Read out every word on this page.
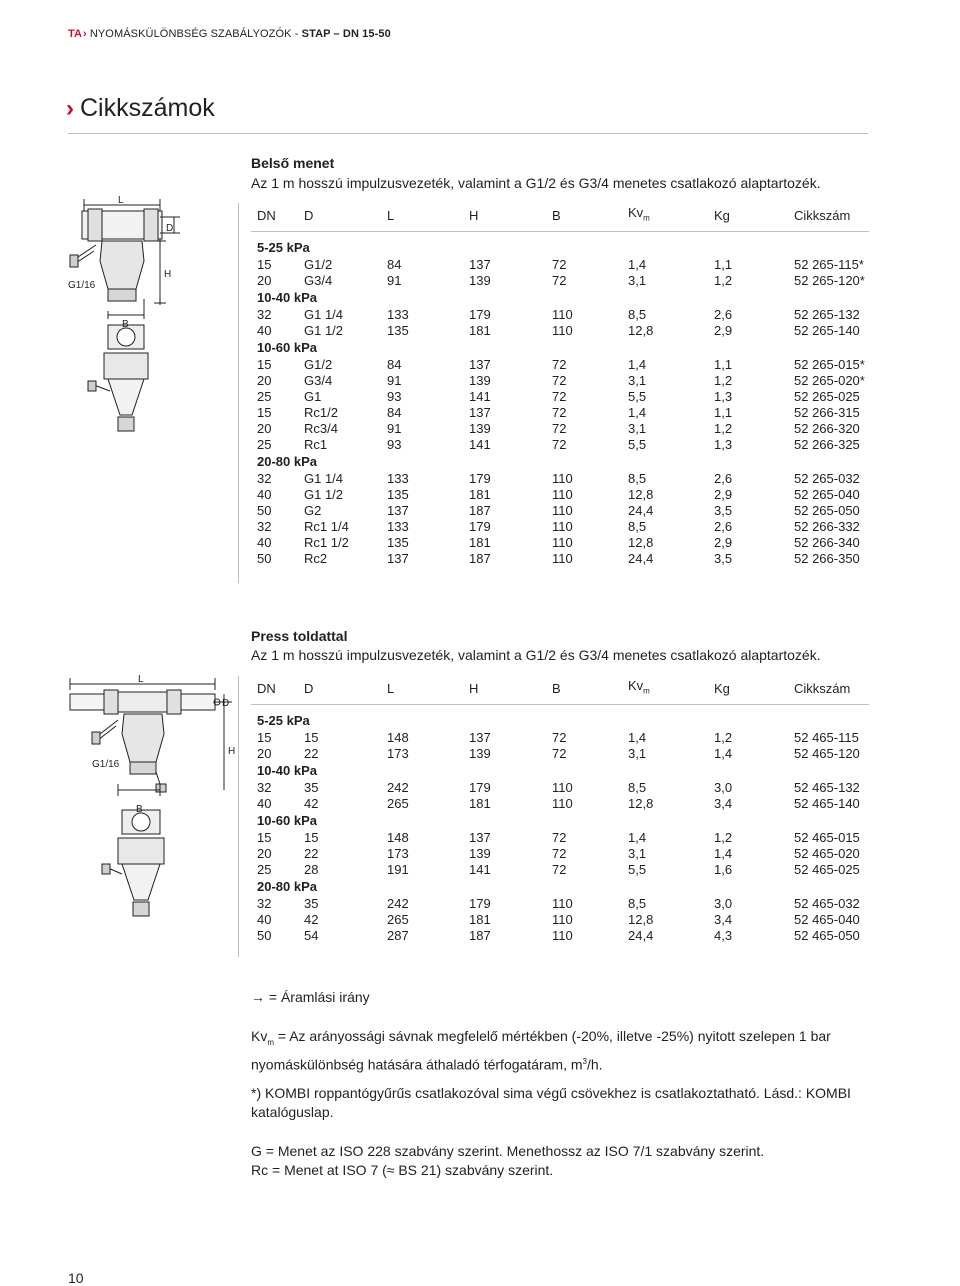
TA› NYOMÁSKÜLÖNBSÉG SZABÁLYOZÓK - STAP – DN 15-50
› Cikkszámok
Belső menet
Az 1 m hosszú impulzusvezeték, valamint a G1/2 és G3/4 menetes csatlakozó alaptartozék.
L
D
H
B
G1/16
DN	D	L	H	B	$Kv_m$	Kg	Cikkszám

5-25 kPa							
15	G1/2	84	137	72	1,4	1,1	52 265-115*
20	G3/4	91	139	72	3,1	1,2	52 265-120*
10-40 kPa							
32	G1 1/4	133	179	110	8,5	2,6	52 265-132
40	G1 1/2	135	181	110	12,8	2,9	52 265-140
10-60 kPa							
15	G1/2	84	137	72	1,4	1,1	52 265-015*
20	G3/4	91	139	72	3,1	1,2	52 265-020*
25	G1	93	141	72	5,5	1,3	52 265-025
15	Rc1/2	84	137	72	1,4	1,1	52 266-315
20	Rc3/4	91	139	72	3,1	1,2	52 266-320
25	Rc1	93	141	72	5,5	1,3	52 266-325
20-80 kPa							
32	G1 1/4	133	179	110	8,5	2,6	52 265-032
40	G1 1/2	135	181	110	12,8	2,9	52 265-040
50	G2	137	187	110	24,4	3,5	52 265-050
32	Rc1 1/4	133	179	110	8,5	2,6	52 266-332
40	Rc1 1/2	135	181	110	12,8	2,9	52 266-340
50	Rc2	137	187	110	24,4	3,5	52 266-350
Press toldattal
Az 1 m hosszú impulzusvezeték, valamint a G1/2 és G3/4 menetes csatlakozó alaptartozék.
L
D
H
B
G1/16
DN	D	L	H	B	$Kv_m$	Kg	Cikkszám

5-25 kPa							
15	15	148	137	72	1,4	1,2	52 465-115
20	22	173	139	72	3,1	1,4	52 465-120
10-40 kPa							
32	35	242	179	110	8,5	3,0	52 465-132
40	42	265	181	110	12,8	3,4	52 465-140
10-60 kPa							
15	15	148	137	72	1,4	1,2	52 465-015
20	22	173	139	72	3,1	1,4	52 465-020
25	28	191	141	72	5,5	1,6	52 465-025
20-80 kPa							
32	35	242	179	110	8,5	3,0	52 465-032
40	42	265	181	110	12,8	3,4	52 465-040
50	54	287	187	110	24,4	4,3	52 465-050
→ = Áramlási irány
$Kv_m = Az$ arányossági sávnak megfelelő mértékben (-20%, illetve -25%) nyitott szelepen 1 bar
nyomáskülönbség hatására áthaladó térfogatáram, $m^3/h$.
*) KOMBI roppantógyűrűs csatlakozóval sima végű csövekhez is csatlakoztatható. Lásd.: KOMBI
katalóguslap.
G = Menet az ISO 228 szabvány szerint. Menethossz az ISO 7/1 szabvány szerint.
Rc = Menet at ISO 7 (≈ BS 21) szabvány szerint.
10
